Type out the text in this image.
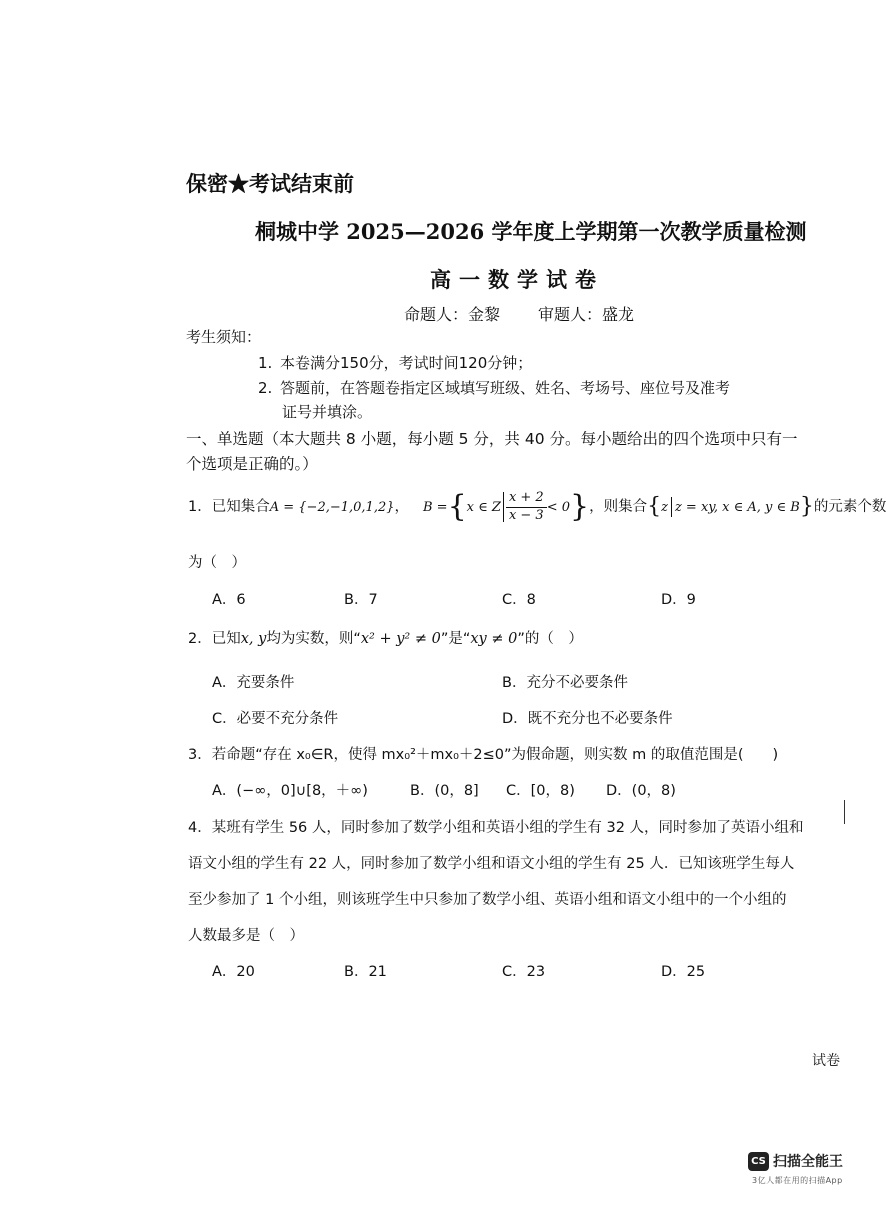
保密★考试结束前
桐城中学 2025—2026 学年度上学期第一次教学质量检测
高一数学试卷
命题人：金黎 审题人：盛龙
考生须知：
1. 本卷满分150分，考试时间120分钟；
2. 答题前，在答题卷指定区域填写班级、姓名、考场号、座位号及准考
证号并填涂。
一、单选题（本大题共 8 小题，每小题 5 分，共 40 分。每小题给出的四个选项中只有一
个选项是正确的。）
1．已知集合A = {−2,−1,0,1,2}， B ={x ∈ Z $\frac{x + 2}{x - 3} < 0$}，则集合{z z = xy, x ∈ A, y ∈ B}的元素个数
为（　）
A．6	B．7	C．8	D．9
2．已知x, y均为实数，则“x² + y² ≠ 0”是“xy ≠ 0”的（　）
A．充要条件	B．充分不必要条件
C．必要不充分条件	D．既不充分也不必要条件
3．若命题“存在 x₀∈R，使得 mx₀²＋mx₀＋2≤0”为假命题，则实数 m 的取值范围是(　　)
A．(−∞，0]∪[8，＋∞)	B．(0，8] C．[0，8) D．(0，8)
4．某班有学生 56 人，同时参加了数学小组和英语小组的学生有 32 人，同时参加了英语小组和
语文小组的学生有 22 人，同时参加了数学小组和语文小组的学生有 25 人．已知该班学生每人
至少参加了 1 个小组，则该班学生中只参加了数学小组、英语小组和语文小组中的一个小组的
人数最多是（　）
A．20	B．21	C．23	D．25
试卷
CS 扫描全能王
3亿人都在用的扫描App
